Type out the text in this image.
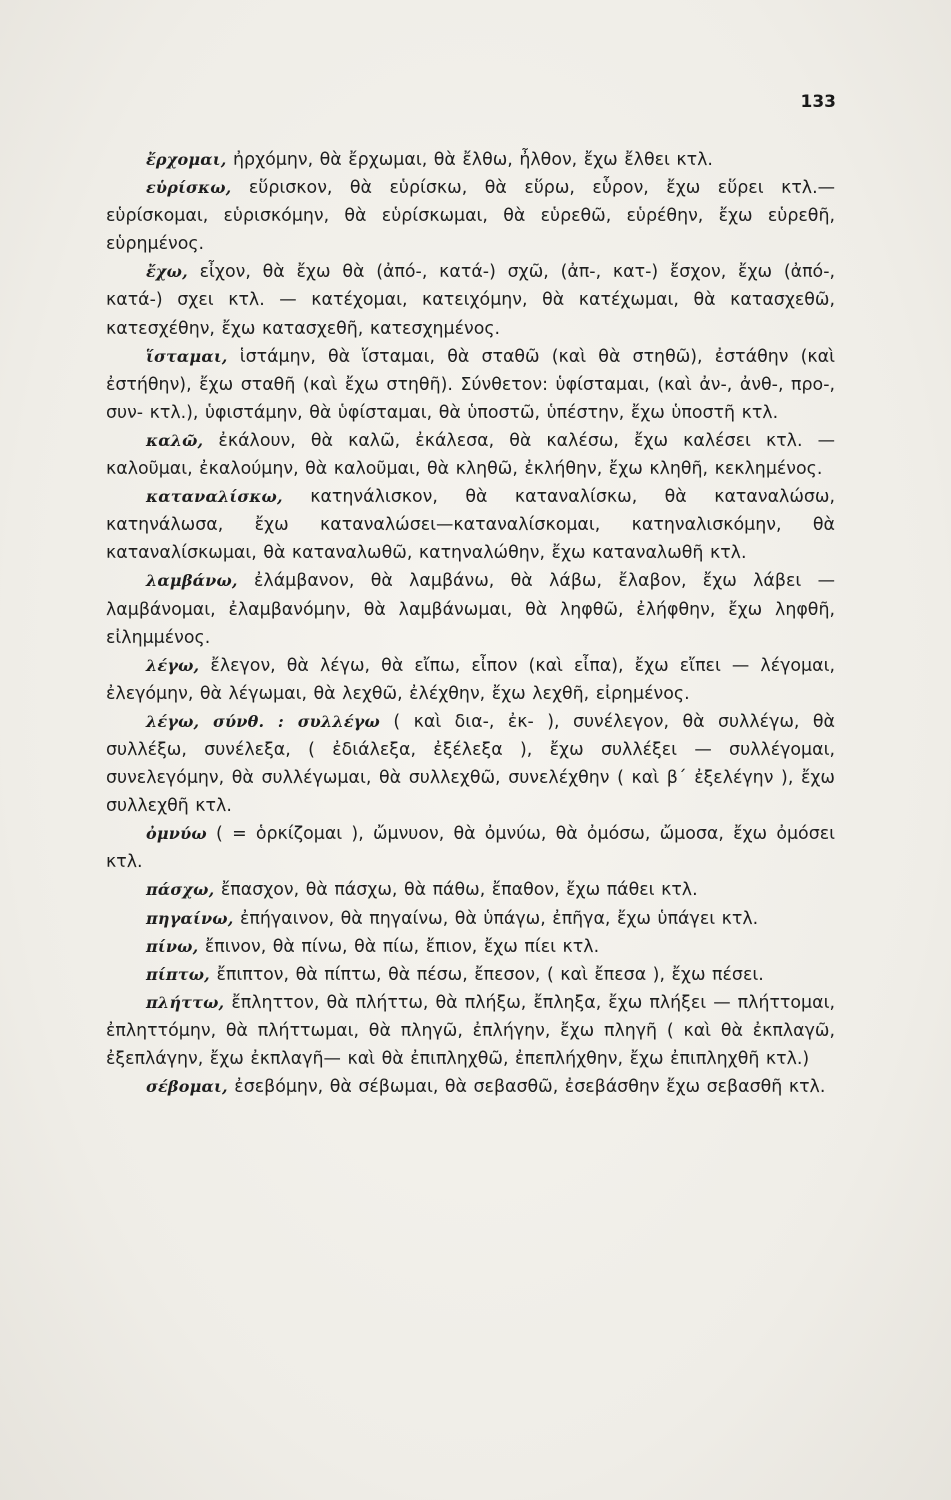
133

ἔρχομαι, ἠρχόμην, θὰ ἔρχωμαι, θὰ ἔλθω, ἦλθον, ἔχω ἔλθει κτλ.

εὑρίσκω, εὕρισκον, θὰ εὑρίσκω, θὰ εὕρω, εὗρον, ἔχω εὕρει κτλ.— εὑρίσκομαι, εὑρισκόμην, θὰ εὑρίσκωμαι, θὰ εὑρεθῶ, εὑρέθην, ἔχω εὑρεθῆ, εὑρημένος.

ἔχω, εἶχον, θὰ ἔχω θὰ (ἀπό-, κατά-) σχῶ, (ἀπ-, κατ-) ἔσχον, ἔχω (ἀπό-, κατά-) σχει κτλ. — κατέχομαι, κατειχόμην, θὰ κατέχωμαι, θὰ κατασχεθῶ, κατεσχέθην, ἔχω κατασχεθῆ, κατεσχημένος.

ἵσταμαι, ἱστάμην, θὰ ἵσταμαι, θὰ σταθῶ (καὶ θὰ στηθῶ), ἐστάθην (καὶ ἐστήθην), ἔχω σταθῆ (καὶ ἔχω στηθῆ). Σύνθετον: ὑφίσταμαι, (καὶ ἀν-, ἀνθ-, προ-, συν- κτλ.), ὑφιστάμην, θὰ ὑφίσταμαι, θὰ ὑποστῶ, ὑπέστην, ἔχω ὑποστῆ κτλ.

καλῶ, ἐκάλουν, θὰ καλῶ, ἐκάλεσα, θὰ καλέσω, ἔχω καλέσει κτλ. — καλοῦμαι, ἐκαλούμην, θὰ καλοῦμαι, θὰ κληθῶ, ἐκλήθην, ἔχω κληθῆ, κεκλημένος.

καταναλίσκω, κατηνάλισκον, θὰ καταναλίσκω, θὰ καταναλώσω, κατηνάλωσα, ἔχω καταναλώσει—καταναλίσκομαι, κατηναλισκόμην, θὰ καταναλίσκωμαι, θὰ καταναλωθῶ, κατηναλώθην, ἔχω καταναλωθῆ κτλ.

λαμβάνω, ἐλάμβανον, θὰ λαμβάνω, θὰ λάβω, ἔλαβον, ἔχω λάβει — λαμβάνομαι, ἐλαμβανόμην, θὰ λαμβάνωμαι, θὰ ληφθῶ, ἐλήφθην, ἔχω ληφθῆ, εἰλημμένος.

λέγω, ἔλεγον, θὰ λέγω, θὰ εἴπω, εἶπον (καὶ εἶπα), ἔχω εἴπει — λέγομαι, ἐλεγόμην, θὰ λέγωμαι, θὰ λεχθῶ, ἐλέχθην, ἔχω λεχθῆ, εἰρημένος.

λέγω, σύνθ. : συλλέγω ( καὶ δια-, ἐκ- ), συνέλεγον, θὰ συλλέγω, θὰ συλλέξω, συνέλεξα, ( ἐδιάλεξα, ἐξέλεξα ), ἔχω συλλέξει — συλλέγομαι, συνελεγόμην, θὰ συλλέγωμαι, θὰ συλλεχθῶ, συνελέχθην ( καὶ β΄ ἐξελέγην ), ἔχω συλλεχθῆ κτλ.

ὀμνύω ( = ὁρκίζομαι ), ὤμνυον, θὰ ὀμνύω, θὰ ὀμόσω, ὤμοσα, ἔχω ὀμόσει κτλ.

πάσχω, ἔπασχον, θὰ πάσχω, θὰ πάθω, ἔπαθον, ἔχω πάθει κτλ.

πηγαίνω, ἐπήγαινον, θὰ πηγαίνω, θὰ ὑπάγω, ἐπῆγα, ἔχω ὑπάγει κτλ.

πίνω, ἔπινον, θὰ πίνω, θὰ πίω, ἔπιον, ἔχω πίει κτλ.

πίπτω, ἔπιπτον, θὰ πίπτω, θὰ πέσω, ἔπεσον, ( καὶ ἔπεσα ), ἔχω πέσει.

πλήττω, ἔπληττον, θὰ πλήττω, θὰ πλήξω, ἔπληξα, ἔχω πλήξει — πλήττομαι, ἐπληττόμην, θὰ πλήττωμαι, θὰ πληγῶ, ἐπλήγην, ἔχω πληγῆ ( καὶ θὰ ἐκπλαγῶ, ἐξεπλάγην, ἔχω ἐκπλαγῆ— καὶ θὰ ἐπιπληχθῶ, ἐπεπλήχθην, ἔχω ἐπιπληχθῆ κτλ.)

σέβομαι, ἐσεβόμην, θὰ σέβωμαι, θὰ σεβασθῶ, ἐσεβάσθην ἔχω σεβασθῆ κτλ.
